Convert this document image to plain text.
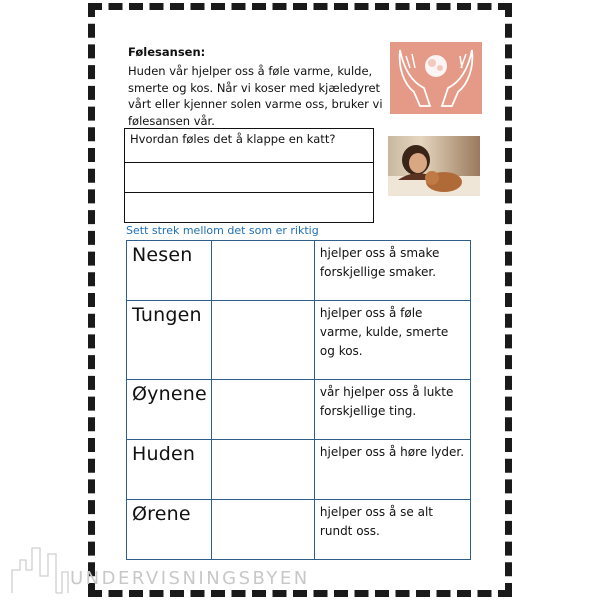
Følesansen:

Huden vår hjelper oss å føle varme, kulde, smerte og kos. Når vi koser med kjæledyret vårt eller kjenner solen varme oss, bruker vi følesansen vår.

Hvordan føles det å klappe en katt?

Sett strek mellom det som er riktig

Nesen		hjelper oss å smake forskjellige smaker.
Tungen		hjelper oss å føle varme, kulde, smerte og kos.
Øynene		vår hjelper oss å lukte forskjellige ting.
Huden		hjelper oss å høre lyder.
Ørene		hjelper oss å se alt rundt oss.

UNDERVISNINGSBYEN
